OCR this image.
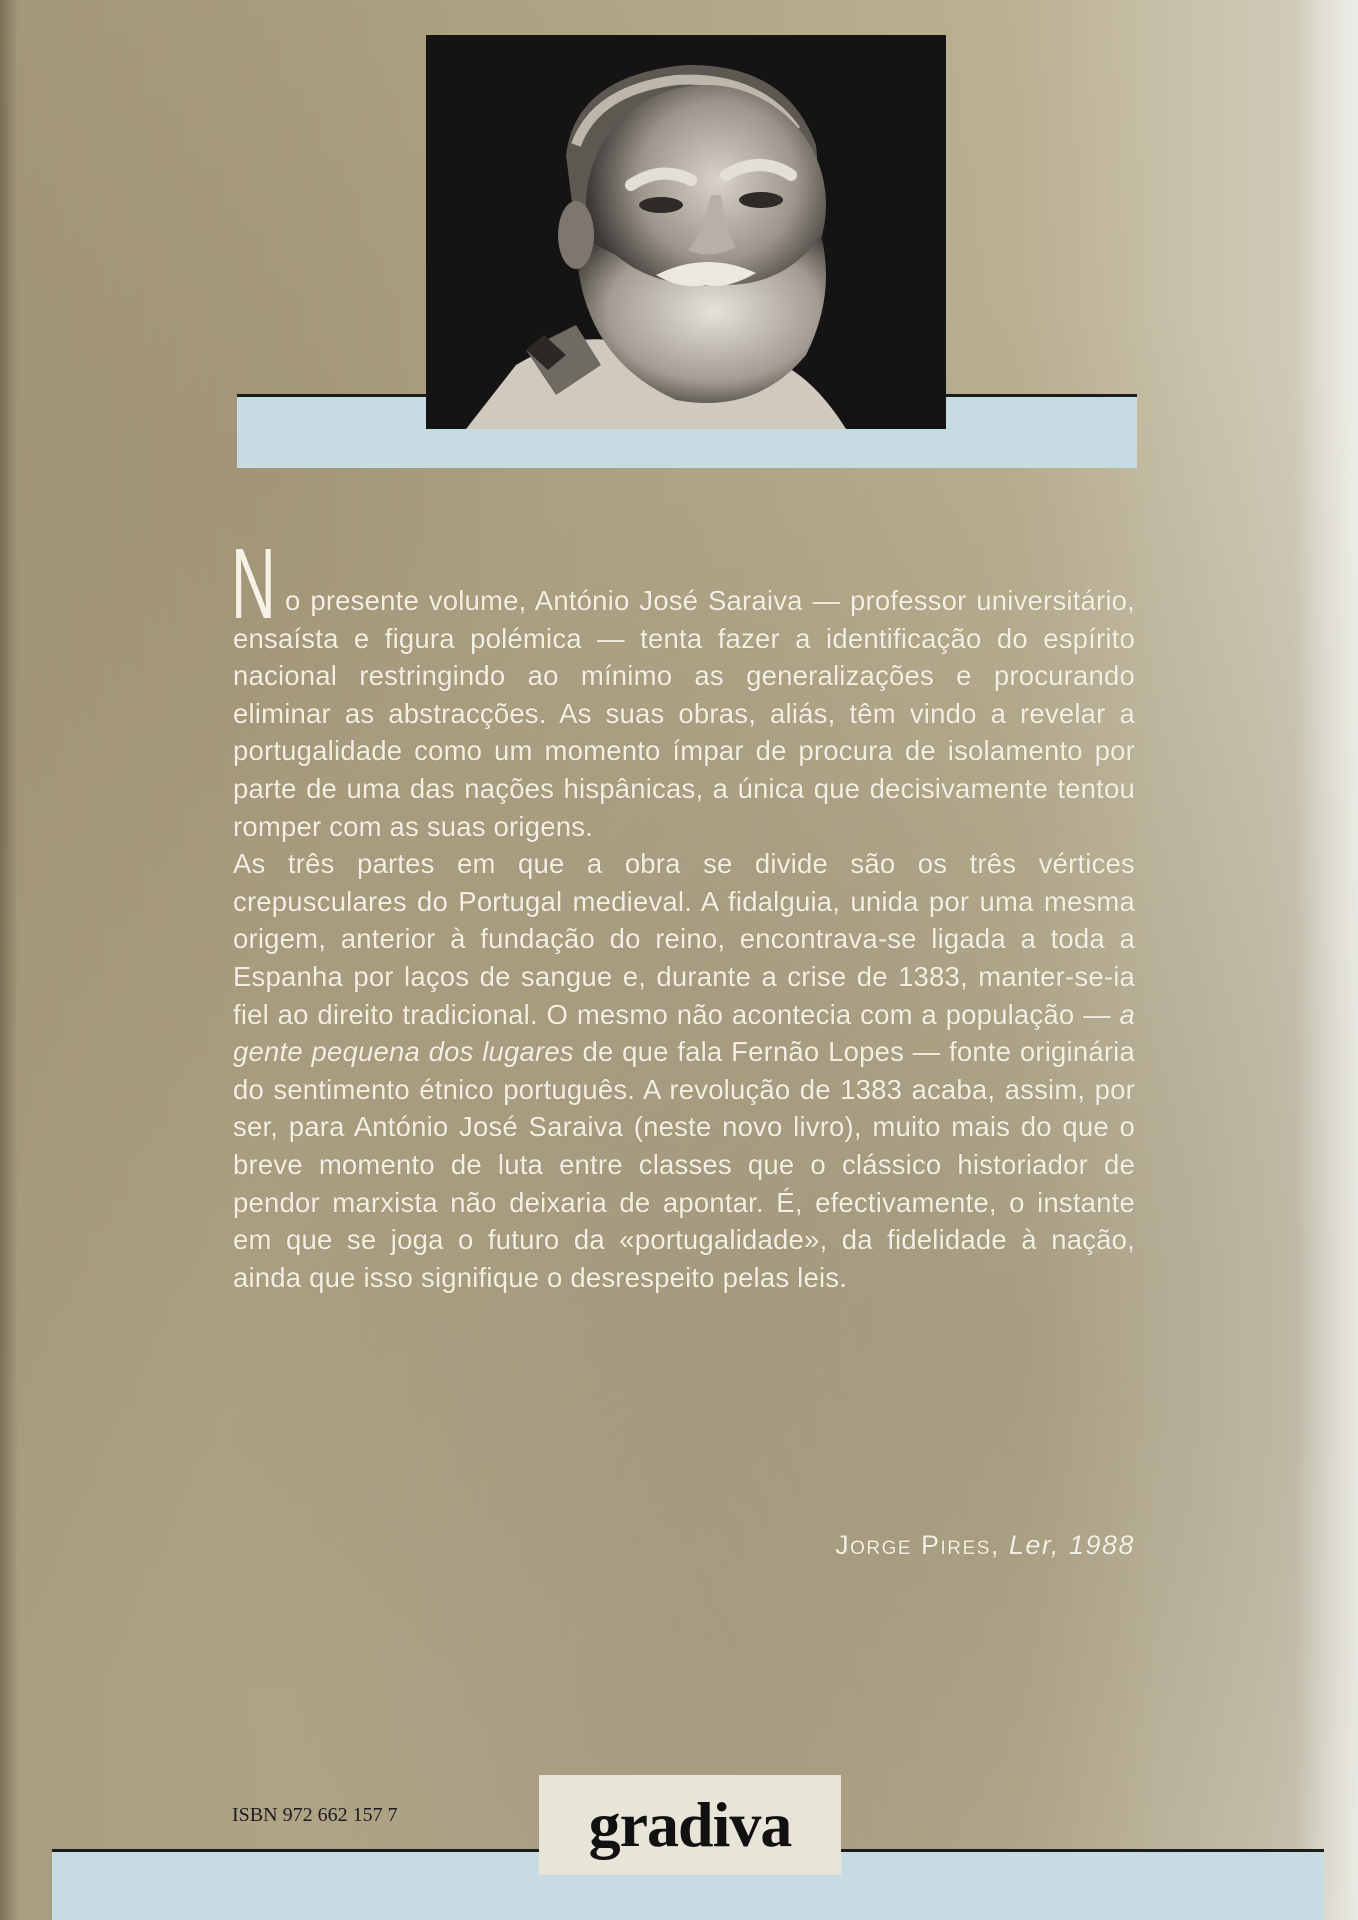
N o presente volume, António José Saraiva — professor universitário, ensaísta e figura polémica — tenta fazer a identificação do espírito nacional restringindo ao mínimo as generalizações e procurando eliminar as abstracções. As suas obras, aliás, têm vindo a revelar a portugalidade como um momento ímpar de procura de isolamento por parte de uma das nações hispânicas, a única que decisivamente tentou romper com as suas origens.

As três partes em que a obra se divide são os três vértices crepusculares do Portugal medieval. A fidalguia, unida por uma mesma origem, anterior à fundação do reino, encontrava-se ligada a toda a Espanha por laços de sangue e, durante a crise de 1383, manter-se-ia fiel ao direito tradicional. O mesmo não acontecia com a população — a gente pequena dos lugares de que fala Fernão Lopes — fonte originária do sentimento étnico português. A revolução de 1383 acaba, assim, por ser, para António José Saraiva (neste novo livro), muito mais do que o breve momento de luta entre classes que o clássico historiador de pendor marxista não deixaria de apontar. É, efectivamente, o instante em que se joga o futuro da «portugalidade», da fidelidade à nação, ainda que isso signifique o desrespeito pelas leis.

Jorge Pires, Ler, 1988
ISBN 972 662 157 7	gradiva
